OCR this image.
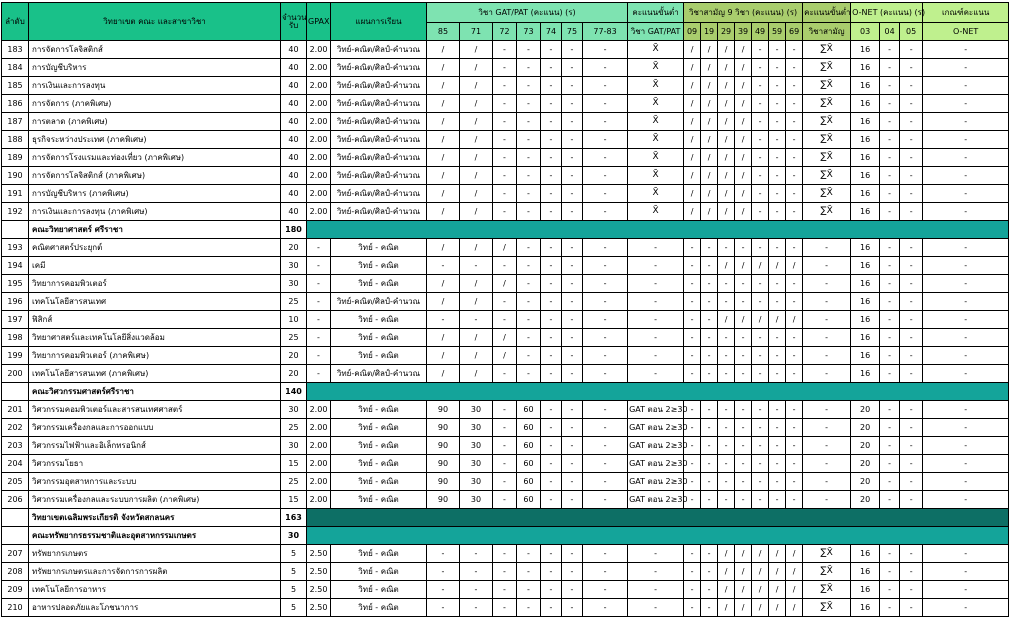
ลำดับ	วิทยาเขต คณะ และสาขาวิชา	จำนวนรับ	GPAX	แผนการเรียน	วิชา GAT/PAT (คะแนน) (ร)							คะแนนขั้นต่ำ	วิชาสามัญ 9 วิชา (คะแนน) (ร)							คะแนนขั้นต่ำ	O-NET (คะแนน) (ร)			เกณฑ์คะแนน
					85	71	72	73	74	75	77-83	วิชา GAT/PAT	09	19	29	39	49	59	69	วิชาสามัญ	03	04	05	O-NET
183	การจัดการโลจิสติกส์	40	2.00	วิทย์-คณิต/ศิลป์-คำนวณ	/	/	-	-	-	-	-	X̄	/	/	/	/	-	-	-	∑X̄	16	-	-	-
184	การบัญชีบริหาร	40	2.00	วิทย์-คณิต/ศิลป์-คำนวณ	/	/	-	-	-	-	-	X̄	/	/	/	/	-	-	-	∑X̄	16	-	-	-
185	การเงินและการลงทุน	40	2.00	วิทย์-คณิต/ศิลป์-คำนวณ	/	/	-	-	-	-	-	X̄	/	/	/	/	-	-	-	∑X̄	16	-	-	-
186	การจัดการ (ภาคพิเศษ)	40	2.00	วิทย์-คณิต/ศิลป์-คำนวณ	/	/	-	-	-	-	-	X̄	/	/	/	/	-	-	-	∑X̄	16	-	-	-
187	การตลาด (ภาคพิเศษ)	40	2.00	วิทย์-คณิต/ศิลป์-คำนวณ	/	/	-	-	-	-	-	X̄	/	/	/	/	-	-	-	∑X̄	16	-	-	-
188	ธุรกิจระหว่างประเทศ (ภาคพิเศษ)	40	2.00	วิทย์-คณิต/ศิลป์-คำนวณ	/	/	-	-	-	-	-	X̄	/	/	/	/	-	-	-	∑X̄	16	-	-	-
189	การจัดการโรงแรมและท่องเที่ยว (ภาคพิเศษ)	40	2.00	วิทย์-คณิต/ศิลป์-คำนวณ	/	/	-	-	-	-	-	X̄	/	/	/	/	-	-	-	∑X̄	16	-	-	-
190	การจัดการโลจิสติกส์ (ภาคพิเศษ)	40	2.00	วิทย์-คณิต/ศิลป์-คำนวณ	/	/	-	-	-	-	-	X̄	/	/	/	/	-	-	-	∑X̄	16	-	-	-
191	การบัญชีบริหาร (ภาคพิเศษ)	40	2.00	วิทย์-คณิต/ศิลป์-คำนวณ	/	/	-	-	-	-	-	X̄	/	/	/	/	-	-	-	∑X̄	16	-	-	-
192	การเงินและการลงทุน (ภาคพิเศษ)	40	2.00	วิทย์-คณิต/ศิลป์-คำนวณ	/	/	-	-	-	-	-	X̄	/	/	/	/	-	-	-	∑X̄	16	-	-	-
	คณะวิทยาศาสตร์ ศรีราชา	180																						
193	คณิตศาสตร์ประยุกต์	20	-	วิทย์ - คณิต	/	/	/	-	-	-	-	-	-	-	-	-	-	-	-	-	16	-	-	-
194	เคมี	30	-	วิทย์ - คณิต	-	-	-	-	-	-	-	-	-	-	/	/	/	/	/	-	16	-	-	-
195	วิทยาการคอมพิวเตอร์	30	-	วิทย์ - คณิต	/	/	/	-	-	-	-	-	-	-	-	-	-	-	-	-	16	-	-	-
196	เทคโนโลยีสารสนเทศ	25	-	วิทย์-คณิต/ศิลป์-คำนวณ	/	/	-	-	-	-	-	-	-	-	-	-	-	-	-	-	16	-	-	-
197	ฟิสิกส์	10	-	วิทย์ - คณิต	-	-	-	-	-	-	-	-	-	-	/	/	/	/	/	-	16	-	-	-
198	วิทยาศาสตร์และเทคโนโลยีสิ่งแวดล้อม	25	-	วิทย์ - คณิต	/	/	/	-	-	-	-	-	-	-	-	-	-	-	-	-	16	-	-	-
199	วิทยาการคอมพิวเตอร์ (ภาคพิเศษ)	20	-	วิทย์ - คณิต	/	/	/	-	-	-	-	-	-	-	-	-	-	-	-	-	16	-	-	-
200	เทคโนโลยีสารสนเทศ (ภาคพิเศษ)	20	-	วิทย์-คณิต/ศิลป์-คำนวณ	/	/	-	-	-	-	-	-	-	-	-	-	-	-	-	-	16	-	-	-
	คณะวิศวกรรมศาสตร์ศรีราชา	140																						
201	วิศวกรรมคอมพิวเตอร์และสารสนเทศศาสตร์	30	2.00	วิทย์ - คณิต	90	30	-	60	-	-	-	GAT ตอน 2≥30	-	-	-	-	-	-	-	-	20	-	-	-
202	วิศวกรรมเครื่องกลและการออกแบบ	25	2.00	วิทย์ - คณิต	90	30	-	60	-	-	-	GAT ตอน 2≥30	-	-	-	-	-	-	-	-	20	-	-	-
203	วิศวกรรมไฟฟ้าและอิเล็กทรอนิกส์	30	2.00	วิทย์ - คณิต	90	30	-	60	-	-	-	GAT ตอน 2≥30	-	-	-	-	-	-	-	-	20	-	-	-
204	วิศวกรรมโยธา	15	2.00	วิทย์ - คณิต	90	30	-	60	-	-	-	GAT ตอน 2≥30	-	-	-	-	-	-	-	-	20	-	-	-
205	วิศวกรรมอุตสาหการและระบบ	25	2.00	วิทย์ - คณิต	90	30	-	60	-	-	-	GAT ตอน 2≥30	-	-	-	-	-	-	-	-	20	-	-	-
206	วิศวกรรมเครื่องกลและระบบการผลิต (ภาคพิเศษ)	15	2.00	วิทย์ - คณิต	90	30	-	60	-	-	-	GAT ตอน 2≥30	-	-	-	-	-	-	-	-	20	-	-	-
	วิทยาเขตเฉลิมพระเกียรติ จังหวัดสกลนคร	163																						
	คณะทรัพยากรธรรมชาติและอุตสาหกรรมเกษตร	30																						
207	ทรัพยากรเกษตร	5	2.50	วิทย์ - คณิต	-	-	-	-	-	-	-	-	-	-	/	/	/	/	/	∑X̄	16	-	-	-
208	ทรัพยากรเกษตรและการจัดการการผลิต	5	2.50	วิทย์ - คณิต	-	-	-	-	-	-	-	-	-	-	/	/	/	/	/	∑X̄	16	-	-	-
209	เทคโนโลยีการอาหาร	5	2.50	วิทย์ - คณิต	-	-	-	-	-	-	-	-	-	-	/	/	/	/	/	∑X̄	16	-	-	-
210	อาหารปลอดภัยและโภชนาการ	5	2.50	วิทย์ - คณิต	-	-	-	-	-	-	-	-	-	-	/	/	/	/	/	∑X̄	16	-	-	-
